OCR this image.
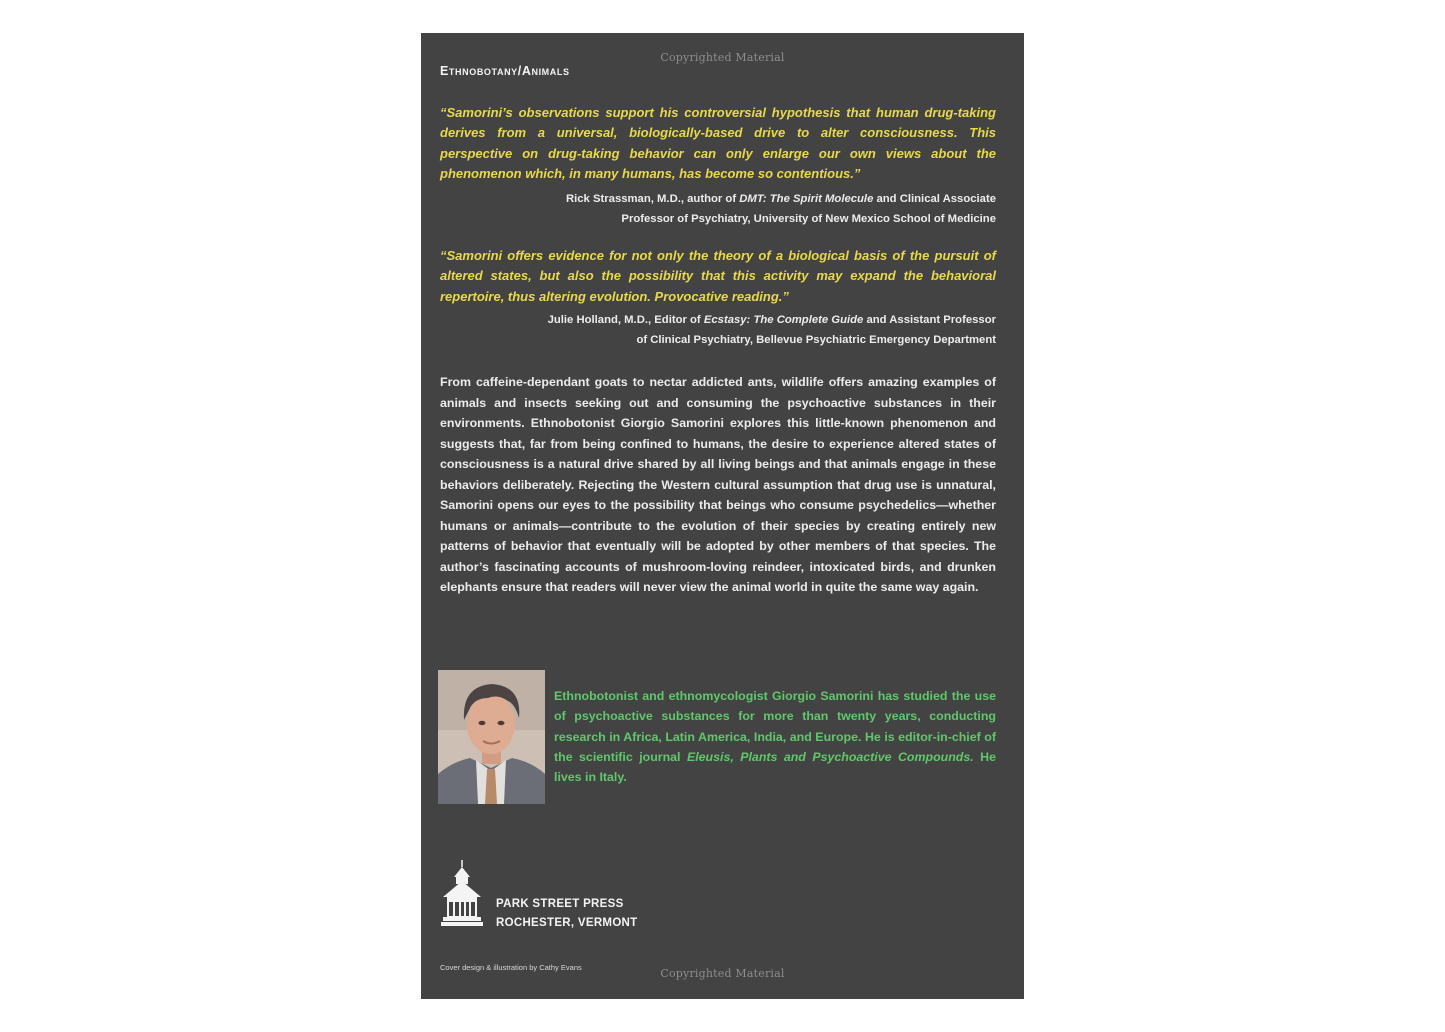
Copyrighted Material
Ethnobotany/Animals
“Samorini’s observations support his controversial hypothesis that human drug-taking derives from a universal, biologically-based drive to alter consciousness. This perspective on drug-taking behavior can only enlarge our own views about the phenomenon which, in many humans, has become so contentious.”
Rick Strassman, M.D., author of DMT: The Spirit Molecule and Clinical Associate
Professor of Psychiatry, University of New Mexico School of Medicine
“Samorini offers evidence for not only the theory of a biological basis of the pursuit of altered states, but also the possibility that this activity may expand the behavioral repertoire, thus altering evolution. Provocative reading.”
Julie Holland, M.D., Editor of Ecstasy: The Complete Guide and Assistant Professor
of Clinical Psychiatry, Bellevue Psychiatric Emergency Department

From caffeine-dependant goats to nectar addicted ants, wildlife offers amazing examples of animals and insects seeking out and consuming the psychoactive substances in their environments. Ethnobotonist Giorgio Samorini explores this little-known phenomenon and suggests that, far from being confined to humans, the desire to experience altered states of consciousness is a natural drive shared by all living beings and that animals engage in these behaviors deliberately. Rejecting the Western cultural assumption that drug use is unnatural, Samorini opens our eyes to the possibility that beings who consume psychedelics—whether humans or animals—contribute to the evolution of their species by creating entirely new patterns of behavior that eventually will be adopted by other members of that species. The author’s fascinating accounts of mushroom-loving reindeer, intoxicated birds, and drunken elephants ensure that readers will never view the animal world in quite the same way again.

Ethnobotonist and ethnomycologist Giorgio Samorini has studied the use of psychoactive substances for more than twenty years, conducting research in Africa, Latin America, India, and Europe. He is editor-in-chief of the scientific journal Eleusis, Plants and Psychoactive Compounds. He lives in Italy.
PARK STREET PRESS
ROCHESTER, VERMONT
Cover design & illustration by Cathy Evans	Copyrighted Material
